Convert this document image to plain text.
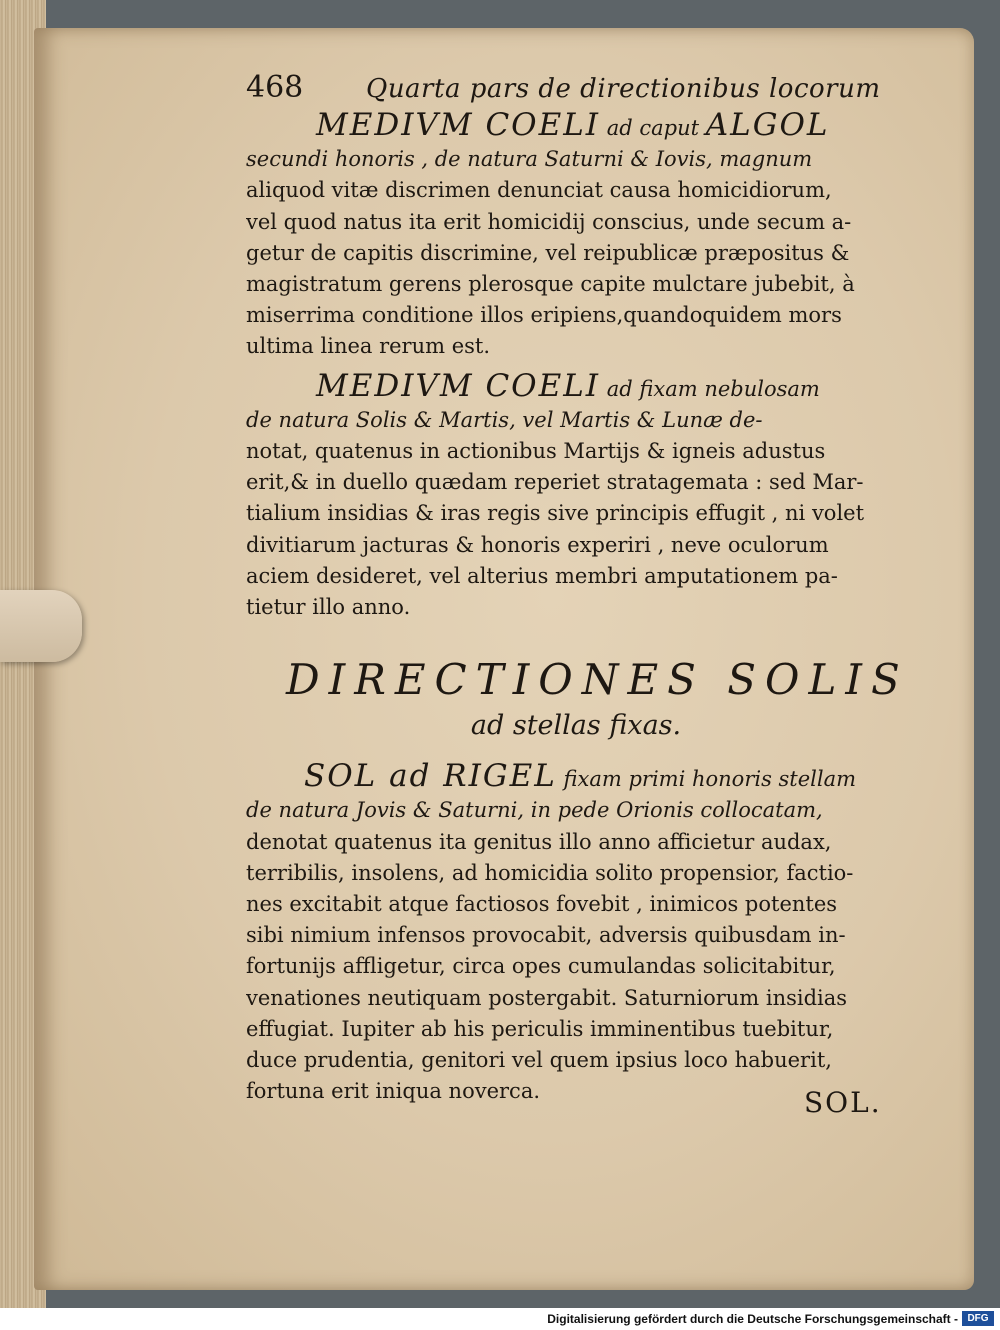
468	Quarta pars de directionibus locorum
MEDIVM COELI ad caput ALGOL
secundi honoris , de natura Saturni & Iovis, magnum
aliquod vitæ discrimen denunciat causa homicidiorum,
vel quod natus ita erit homicidij conscius, unde secum a-
getur de capitis discrimine, vel reipublicæ præpositus &
magistratum gerens plerosque capite mulctare jubebit, à
miserrima conditione illos eripiens,quandoquidem mors
ultima linea rerum est.
MEDIVM COELI ad fixam nebulosam
de natura Solis & Martis, vel Martis & Lunæ de-
notat, quatenus in actionibus Martijs & igneis adustus
erit,& in duello quædam reperiet stratagemata : sed Mar-
tialium insidias & iras regis sive principis effugit , ni volet
divitiarum jacturas & honoris experiri , neve oculorum
aciem desideret, vel alterius membri amputationem pa-
tietur illo anno.
DIRECTIONES SOLIS
ad stellas fixas.
SOL ad RIGEL fixam primi honoris stellam
de natura Jovis & Saturni, in pede Orionis collocatam,
denotat quatenus ita genitus illo anno afficietur audax,
terribilis, insolens, ad homicidia solito propensior, factio-
nes excitabit atque factiosos fovebit , inimicos potentes
sibi nimium infensos provocabit, adversis quibusdam in-
fortunijs affligetur, circa opes cumulandas solicitabitur,
venationes neutiquam postergabit. Saturniorum insidias
effugiat. Iupiter ab his periculis imminentibus tuebitur,
duce prudentia, genitori vel quem ipsius loco habuerit,
fortuna erit iniqua noverca.	SOL.
Digitalisierung gefördert durch die Deutsche Forschungsgemeinschaft - DFG
